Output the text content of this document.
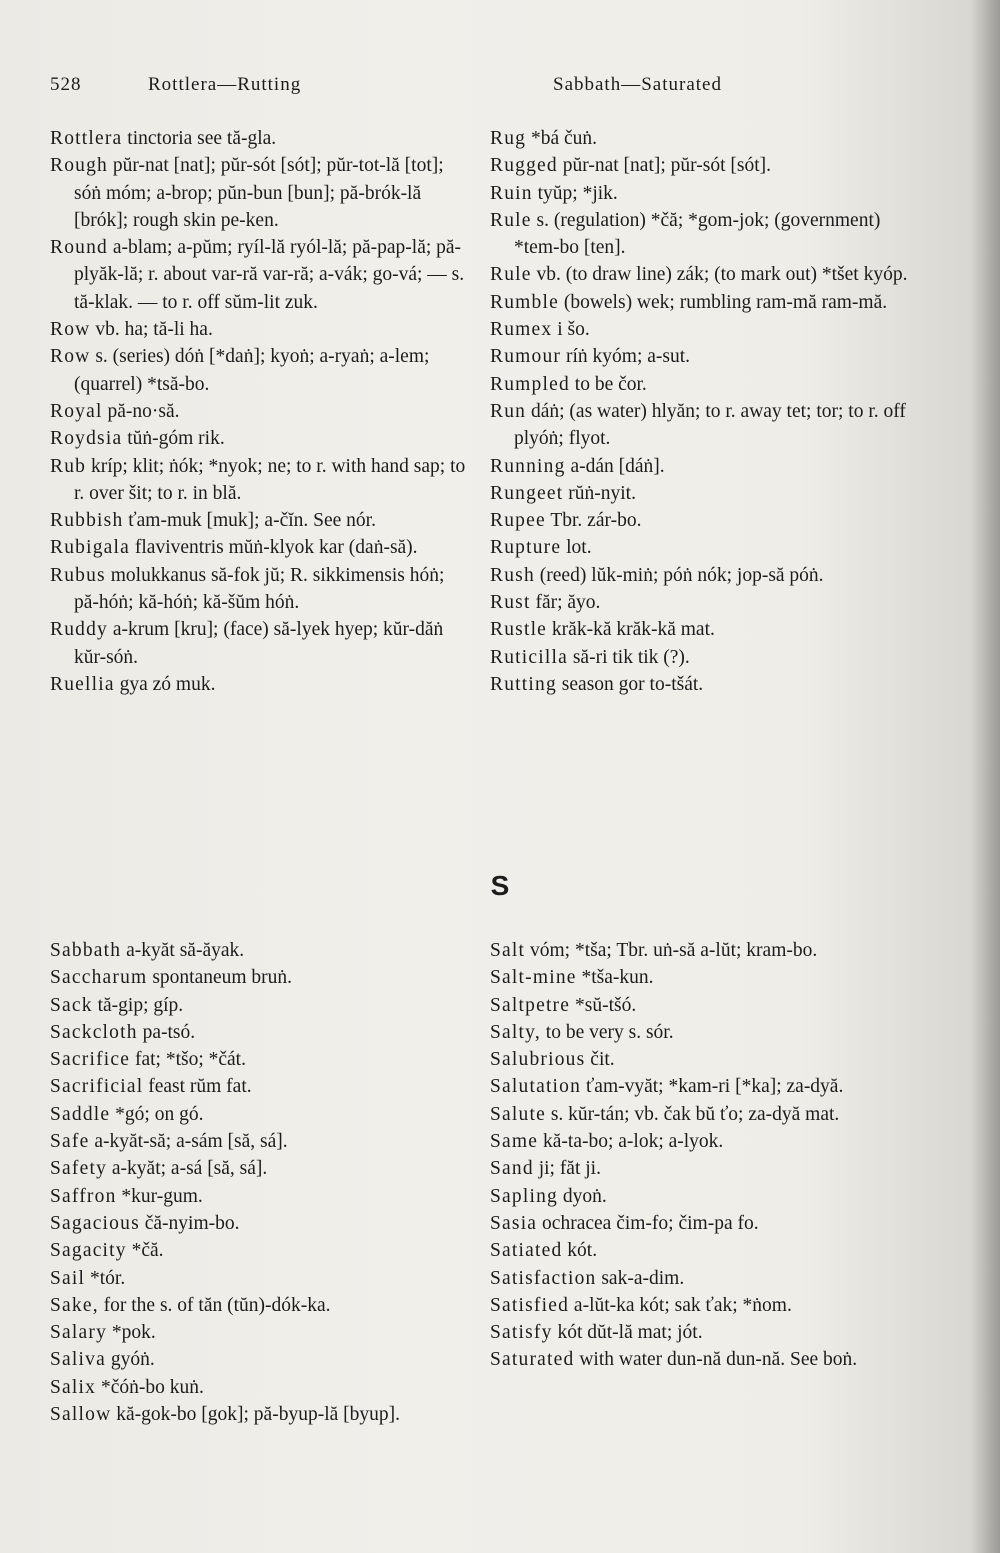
528	Rottlera—Rutting	Sabbath—Saturated

Rottlera tinctoria see tă-gla.

Rough pŭr-nat [nat]; pŭr-sót [sót]; pŭr-tot-lă [tot]; sóṅ móm; a-brop; pŭn-bun [bun]; pă-brók-lă [brók]; rough skin pe-ken.

Round a-blam; a-pŭm; ryíl-lă ryól-lă; pă-pap-lă; pă-plyăk-lă; r. about var-ră var-ră; a-vák; go-vá; — s. tă-klak. — to r. off sŭm-lit zuk.

Row vb. ha; tă-li ha.

Row s. (series) dóṅ [*daṅ]; kyoṅ; a-ryaṅ; a-lem; (quarrel) *tsă-bo.

Royal pă-no·să.

Roydsia tŭṅ-góm rik.

Rub kríp; klit; ṅók; *nyok; ne; to r. with hand sap; to r. over šit; to r. in blă.

Rubbish ťam-muk [muk]; a-čĭn. See nór.

Rubigala flaviventris mŭṅ-klyok kar (daṅ-să).

Rubus molukkanus să-fok jŭ; R. sikkimensis hóṅ; pă-hóṅ; kă-hóṅ; kă-šŭm hóṅ.

Ruddy a-krum [kru]; (face) să-lyek hyep; kŭr-dăṅ kŭr-sóṅ.

Ruellia gya zó muk.

Rug *bá čuṅ.

Rugged pŭr-nat [nat]; pŭr-sót [sót].

Ruin tyŭp; *jik.

Rule s. (regulation) *čă; *gom-jok; (government) *tem-bo [ten].

Rule vb. (to draw line) zák; (to mark out) *tšet kyóp.

Rumble (bowels) wek; rumbling ram-mă ram-mă.

Rumex i šo.

Rumour ríṅ kyóm; a-sut.

Rumpled to be čor.

Run dáṅ; (as water) hlyăn; to r. away tet; tor; to r. off plyóṅ; flyot.

Running a-dán [dáṅ].

Rungeet rŭṅ-nyit.

Rupee Tbr. zár-bo.

Rupture lot.

Rush (reed) lŭk-miṅ; póṅ nók; jop-să póṅ.

Rust făr; ăyo.

Rustle krăk-kă krăk-kă mat.

Ruticilla să-ri tik tik (?).

Rutting season gor to-tšát.

S

Sabbath a-kyăt să-ăyak.

Saccharum spontaneum bruṅ.

Sack tă-gip; gíp.

Sackcloth pa-tsó.

Sacrifice fat; *tšo; *čát.

Sacrificial feast rŭm fat.

Saddle *gó; on gó.

Safe a-kyăt-să; a-sám [să, sá].

Safety a-kyăt; a-sá [să, sá].

Saffron *kur-gum.

Sagacious čă-nyim-bo.

Sagacity *čă.

Sail *tór.

Sake, for the s. of tăn (tŭn)-dók-ka.

Salary *pok.

Saliva gyóṅ.

Salix *čóṅ-bo kuṅ.

Sallow kă-gok-bo [gok]; pă-byup-lă [byup].

Salt vóm; *tša; Tbr. uṅ-să a-lŭt; kram-bo.

Salt-mine *tša-kun.

Saltpetre *sŭ-tšó.

Salty, to be very s. sór.

Salubrious čit.

Salutation ťam-vyăt; *kam-ri [*ka]; za-dyă.

Salute s. kŭr-tán; vb. čak bŭ ťo; za-dyă mat.

Same kă-ta-bo; a-lok; a-lyok.

Sand ji; făt ji.

Sapling dyoṅ.

Sasia ochracea čim-fo; čim-pa fo.

Satiated kót.

Satisfaction sak-a-dim.

Satisfied a-lŭt-ka kót; sak ťak; *ṅom.

Satisfy kót dŭt-lă mat; jót.

Saturated with water dun-nă dun-nă. See boṅ.
